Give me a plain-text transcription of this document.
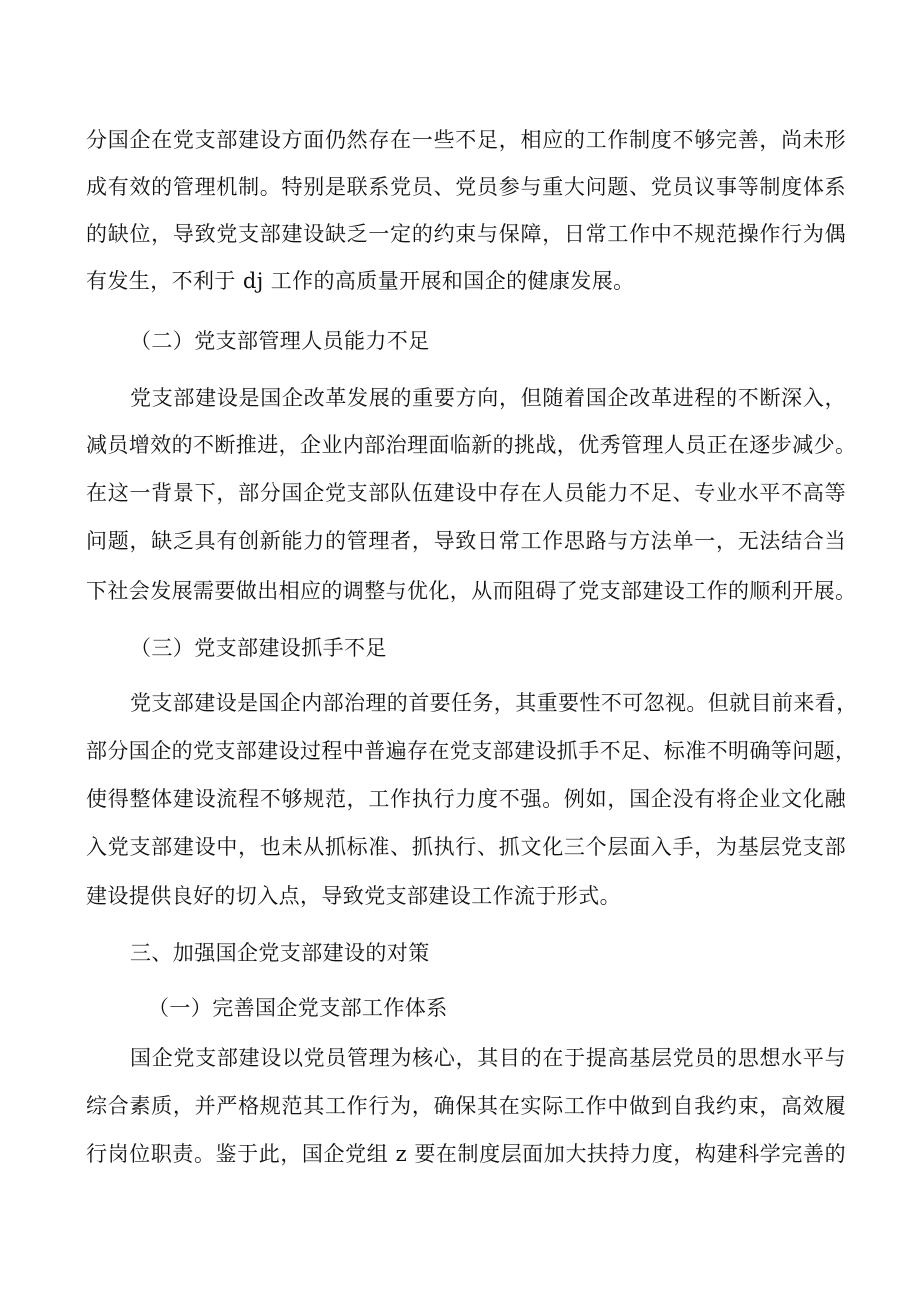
分国企在党支部建设方面仍然存在一些不足，相应的工作制度不够完善，尚未形
成有效的管理机制。特别是联系党员、党员参与重大问题、党员议事等制度体系
的缺位，导致党支部建设缺乏一定的约束与保障，日常工作中不规范操作行为偶
有发生，不利于 dj 工作的高质量开展和国企的健康发展。
（二）党支部管理人员能力不足
党支部建设是国企改革发展的重要方向，但随着国企改革进程的不断深入，
减员增效的不断推进，企业内部治理面临新的挑战，优秀管理人员正在逐步减少。
在这一背景下，部分国企党支部队伍建设中存在人员能力不足、专业水平不高等
问题，缺乏具有创新能力的管理者，导致日常工作思路与方法单一，无法结合当
下社会发展需要做出相应的调整与优化，从而阻碍了党支部建设工作的顺利开展。
（三）党支部建设抓手不足
党支部建设是国企内部治理的首要任务，其重要性不可忽视。但就目前来看，
部分国企的党支部建设过程中普遍存在党支部建设抓手不足、标准不明确等问题，
使得整体建设流程不够规范，工作执行力度不强。例如，国企没有将企业文化融
入党支部建设中，也未从抓标准、抓执行、抓文化三个层面入手，为基层党支部
建设提供良好的切入点，导致党支部建设工作流于形式。
三、加强国企党支部建设的对策
（一）完善国企党支部工作体系
国企党支部建设以党员管理为核心，其目的在于提高基层党员的思想水平与
综合素质，并严格规范其工作行为，确保其在实际工作中做到自我约束，高效履
行岗位职责。鉴于此，国企党组 z 要在制度层面加大扶持力度，构建科学完善的
